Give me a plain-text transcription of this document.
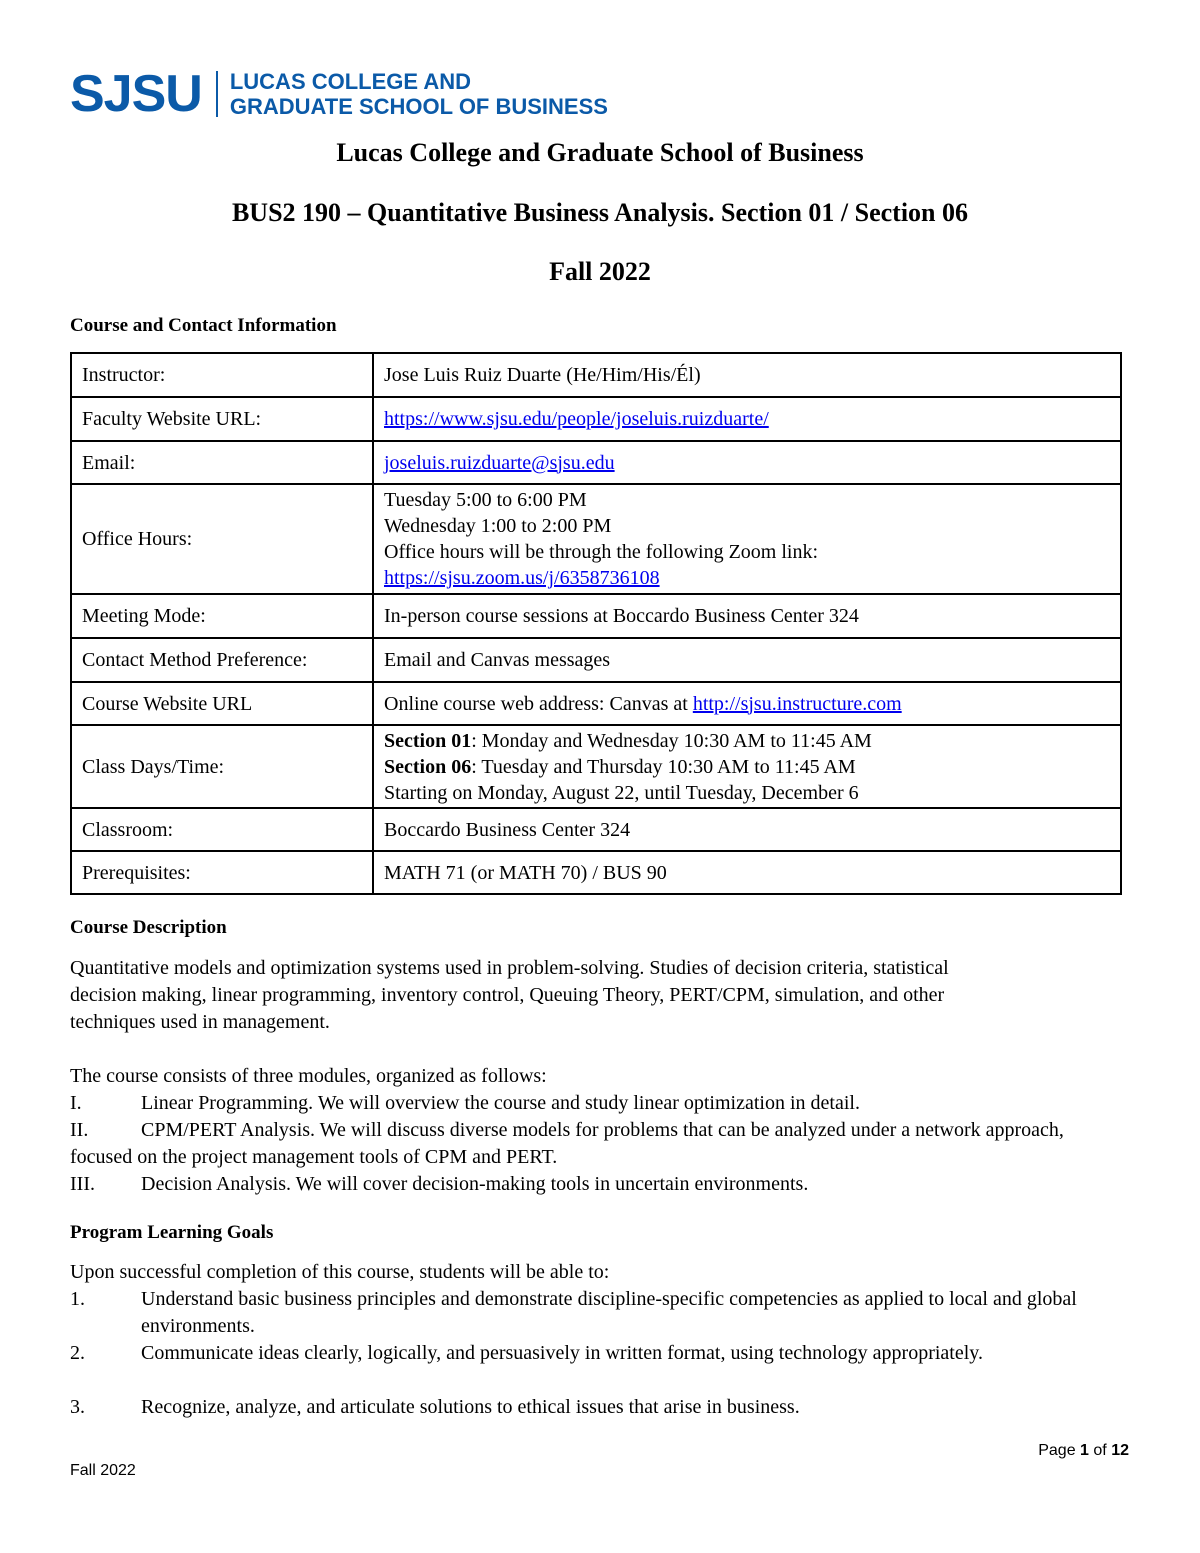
SJSU LUCAS COLLEGE AND
GRADUATE SCHOOL OF BUSINESS
Lucas College and Graduate School of Business
BUS2 190 – Quantitative Business Analysis. Section 01 / Section 06
Fall 2022
Course and Contact Information
Instructor:	Jose Luis Ruiz Duarte (He/Him/His/Él)
Faculty Website URL:	https://www.sjsu.edu/people/joseluis.ruizduarte/
Email:	joseluis.ruizduarte@sjsu.edu
Office Hours:	Tuesday 5:00 to 6:00 PM
Wednesday 1:00 to 2:00 PM
Office hours will be through the following Zoom link:
https://sjsu.zoom.us/j/6358736108
Meeting Mode:	In-person course sessions at Boccardo Business Center 324
Contact Method Preference:	Email and Canvas messages
Course Website URL	Online course web address: Canvas at http://sjsu.instructure.com
Class Days/Time:	Section 01: Monday and Wednesday 10:30 AM to 11:45 AM
Section 06: Tuesday and Thursday 10:30 AM to 11:45 AM
Starting on Monday, August 22, until Tuesday, December 6

Classroom:	Boccardo Business Center 324
Prerequisites:	MATH 71 (or MATH 70) / BUS 90
Course Description
Quantitative models and optimization systems used in problem-solving. Studies of decision criteria, statistical
decision making, linear programming, inventory control, Queuing Theory, PERT/CPM, simulation, and other
techniques used in management.
The course consists of three modules, organized as follows:
I.	Linear Programming. We will overview the course and study linear optimization in detail.
II.	CPM/PERT Analysis. We will discuss diverse models for problems that can be analyzed under a network approach, focused on the project management tools of CPM and PERT.
III.	Decision Analysis. We will cover decision-making tools in uncertain environments.
Program Learning Goals
Upon successful completion of this course, students will be able to:
1.	Understand basic business principles and demonstrate discipline-specific competencies as applied to local and global environments.
2.	Communicate ideas clearly, logically, and persuasively in written format, using technology appropriately.
3.	Recognize, analyze, and articulate solutions to ethical issues that arise in business.
Page 1 of 12
Fall 2022
